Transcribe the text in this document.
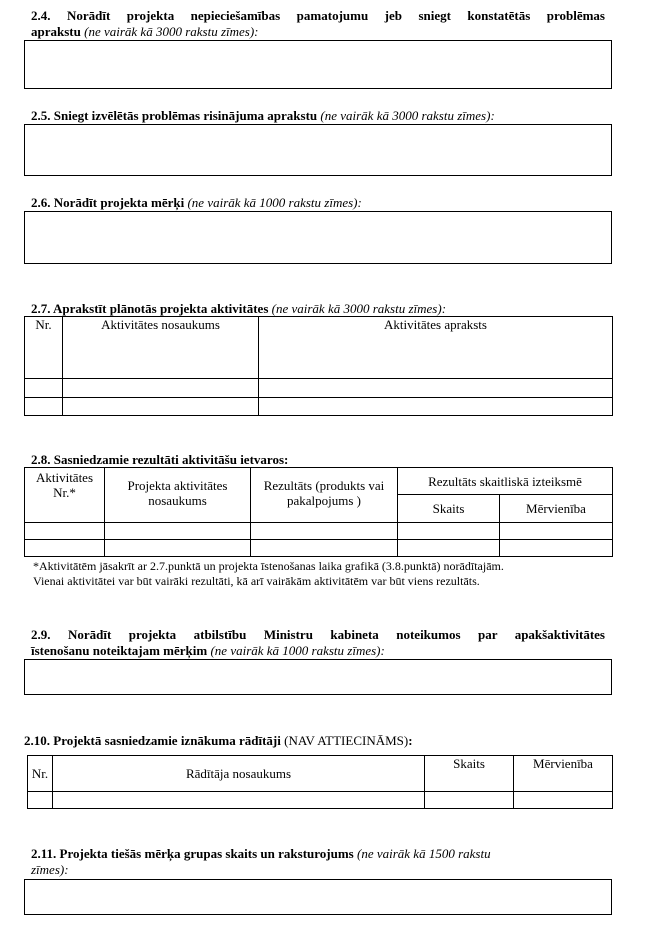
2.4. Norādīt projekta nepieciešamības pamatojumu jeb sniegt konstatētās problēmas
aprakstu (ne vairāk kā 3000 rakstu zīmes):
2.5. Sniegt izvēlētās problēmas risinājuma aprakstu (ne vairāk kā 3000 rakstu zīmes):
2.6. Norādīt projekta mērķi (ne vairāk kā 1000 rakstu zīmes):
2.7. Aprakstīt plānotās projekta aktivitātes (ne vairāk kā 3000 rakstu zīmes):
Nr.	Aktivitātes nosaukums	Aktivitātes apraksts

2.8. Sasniedzamie rezultāti aktivitāšu ietvaros:
Aktivitātes Nr.*	Projekta aktivitātes nosaukums	Rezultāts (produkts vai pakalpojums )	Rezultāts skaitliskā izteiksmē	
			Skaits	Mērvienība

*Aktivitātēm jāsakrīt ar 2.7.punktā un projekta īstenošanas laika grafikā (3.8.punktā) norādītajām.
Vienai aktivitātei var būt vairāki rezultāti, kā arī vairākām aktivitātēm var būt viens rezultāts.
2.9. Norādīt projekta atbilstību Ministru kabineta noteikumos par apakšaktivitātes
īstenošanu noteiktajam mērķim (ne vairāk kā 1000 rakstu zīmes):
2.10. Projektā sasniedzamie iznākuma rādītāji (NAV ATTIECINĀMS):
Nr.	Rādītāja nosaukums	Skaits	Mērvienība

2.11. Projekta tiešās mērķa grupas skaits un raksturojums (ne vairāk kā 1500 rakstu
zīmes):
